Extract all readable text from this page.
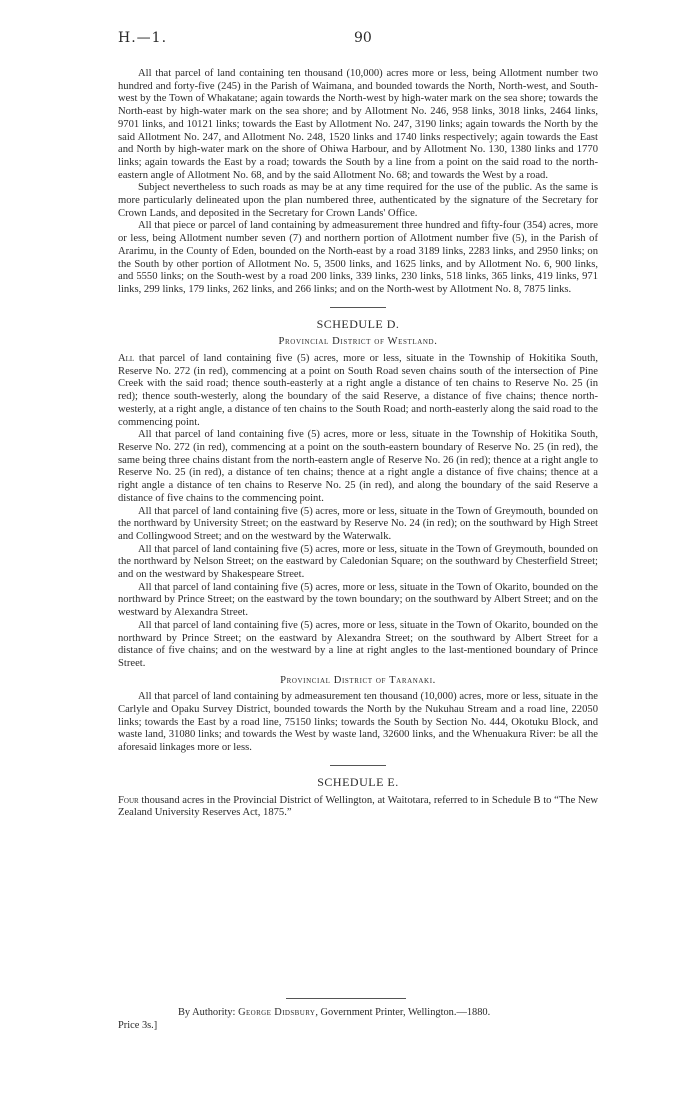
H.—1.	90

All that parcel of land containing ten thousand (10,000) acres more or less, being Allotment number two hundred and forty-five (245) in the Parish of Waimana, and bounded towards the North, North-west, and South-west by the Town of Whakatane; again towards the North-west by high-water mark on the sea shore; towards the North-east by high-water mark on the sea shore; and by Allotment No. 246, 958 links, 3018 links, 2464 links, 9701 links, and 10121 links; towards the East by Allotment No. 247, 3190 links; again towards the North by the said Allotment No. 247, and Allotment No. 248, 1520 links and 1740 links respectively; again towards the East and North by high-water mark on the shore of Ohiwa Harbour, and by Allotment No. 130, 1380 links and 1770 links; again towards the East by a road; towards the South by a line from a point on the said road to the north-eastern angle of Allotment No. 68, and by the said Allotment No. 68; and towards the West by a road.

Subject nevertheless to such roads as may be at any time required for the use of the public. As the same is more particularly delineated upon the plan numbered three, authenticated by the signature of the Secretary for Crown Lands, and deposited in the Secretary for Crown Lands' Office.

All that piece or parcel of land containing by admeasurement three hundred and fifty-four (354) acres, more or less, being Allotment number seven (7) and northern portion of Allotment number five (5), in the Parish of Ararimu, in the County of Eden, bounded on the North-east by a road 3189 links, 2283 links, and 2950 links; on the South by other portion of Allotment No. 5, 3500 links, and 1625 links, and by Allotment No. 6, 900 links, and 5550 links; on the South-west by a road 200 links, 339 links, 230 links, 518 links, 365 links, 419 links, 971 links, 299 links, 179 links, 262 links, and 266 links; and on the North-west by Allotment No. 8, 7875 links.

SCHEDULE D.
Provincial District of Westland.

All that parcel of land containing five (5) acres, more or less, situate in the Township of Hokitika South, Reserve No. 272 (in red), commencing at a point on South Road seven chains south of the intersection of Pine Creek with the said road; thence south-easterly at a right angle a distance of ten chains to Reserve No. 25 (in red); thence south-westerly, along the boundary of the said Reserve, a distance of five chains; thence north-westerly, at a right angle, a distance of ten chains to the South Road; and north-easterly along the said road to the commencing point.

All that parcel of land containing five (5) acres, more or less, situate in the Township of Hokitika South, Reserve No. 272 (in red), commencing at a point on the south-eastern boundary of Reserve No. 25 (in red), the same being three chains distant from the north-eastern angle of Reserve No. 26 (in red); thence at a right angle to Reserve No. 25 (in red), a distance of ten chains; thence at a right angle a distance of five chains; thence at a right angle a distance of ten chains to Reserve No. 25 (in red), and along the boundary of the said Reserve a distance of five chains to the commencing point.

All that parcel of land containing five (5) acres, more or less, situate in the Town of Greymouth, bounded on the northward by University Street; on the eastward by Reserve No. 24 (in red); on the southward by High Street and Collingwood Street; and on the westward by the Waterwalk.

All that parcel of land containing five (5) acres, more or less, situate in the Town of Greymouth, bounded on the northward by Nelson Street; on the eastward by Caledonian Square; on the southward by Chesterfield Street; and on the westward by Shakespeare Street.

All that parcel of land containing five (5) acres, more or less, situate in the Town of Okarito, bounded on the northward by Prince Street; on the eastward by the town boundary; on the southward by Albert Street; and on the westward by Alexandra Street.

All that parcel of land containing five (5) acres, more or less, situate in the Town of Okarito, bounded on the northward by Prince Street; on the eastward by Alexandra Street; on the southward by Albert Street for a distance of five chains; and on the westward by a line at right angles to the last-mentioned boundary of Prince Street.

Provincial District of Taranaki.

All that parcel of land containing by admeasurement ten thousand (10,000) acres, more or less, situate in the Carlyle and Opaku Survey District, bounded towards the North by the Nukuhau Stream and a road line, 22050 links; towards the East by a road line, 75150 links; towards the South by Section No. 444, Okotuku Block, and waste land, 31080 links; and towards the West by waste land, 32600 links, and the Whenuakura River: be all the aforesaid linkages more or less.

SCHEDULE E.

Four thousand acres in the Provincial District of Wellington, at Waitotara, referred to in Schedule B to “The New Zealand University Reserves Act, 1875.”

By Authority: George Didsbury, Government Printer, Wellington.—1880.
Price 3s.]
